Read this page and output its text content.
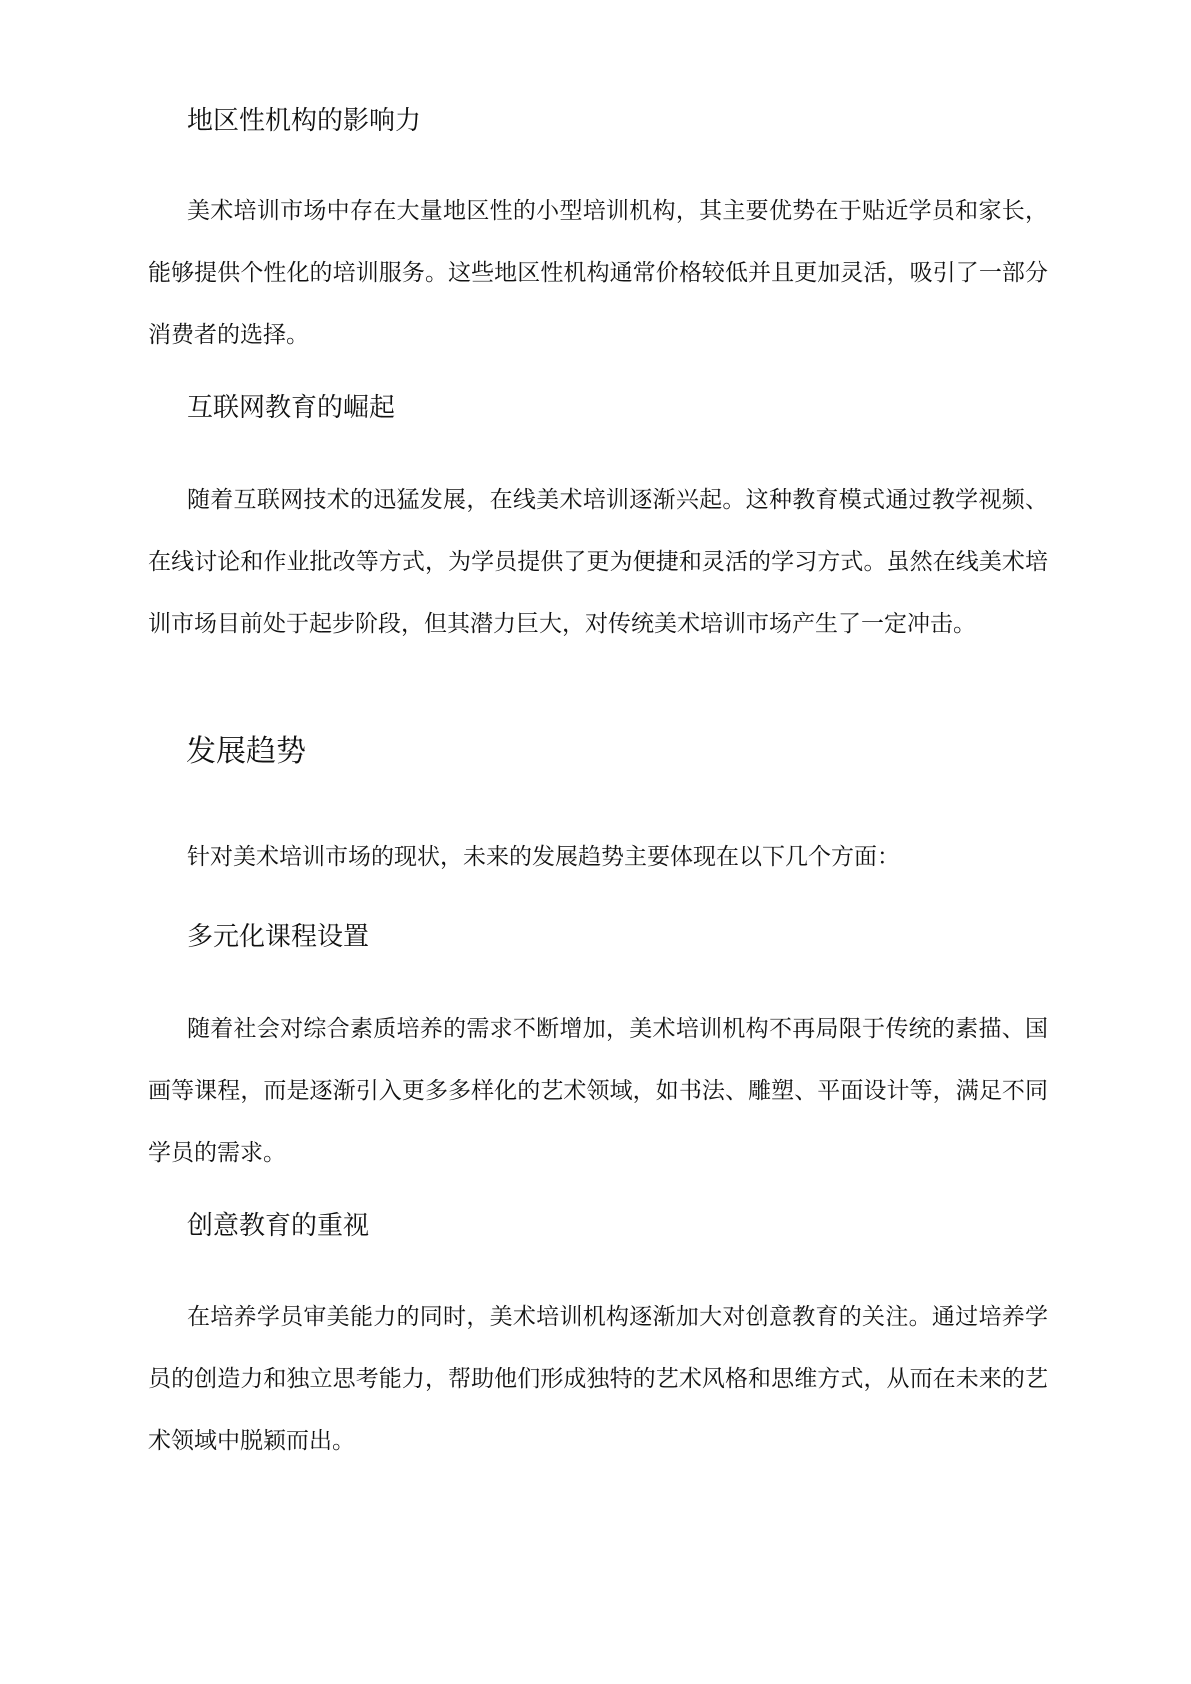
地区性机构的影响力

美术培训市场中存在大量地区性的小型培训机构，其主要优势在于贴近学员和家长，能够提供个性化的培训服务。这些地区性机构通常价格较低并且更加灵活，吸引了一部分消费者的选择。

互联网教育的崛起

随着互联网技术的迅猛发展，在线美术培训逐渐兴起。这种教育模式通过教学视频、在线讨论和作业批改等方式，为学员提供了更为便捷和灵活的学习方式。虽然在线美术培训市场目前处于起步阶段，但其潜力巨大，对传统美术培训市场产生了一定冲击。

发展趋势

针对美术培训市场的现状，未来的发展趋势主要体现在以下几个方面：

多元化课程设置

随着社会对综合素质培养的需求不断增加，美术培训机构不再局限于传统的素描、国画等课程，而是逐渐引入更多多样化的艺术领域，如书法、雕塑、平面设计等，满足不同学员的需求。

创意教育的重视

在培养学员审美能力的同时，美术培训机构逐渐加大对创意教育的关注。通过培养学员的创造力和独立思考能力，帮助他们形成独特的艺术风格和思维方式，从而在未来的艺术领域中脱颖而出。
